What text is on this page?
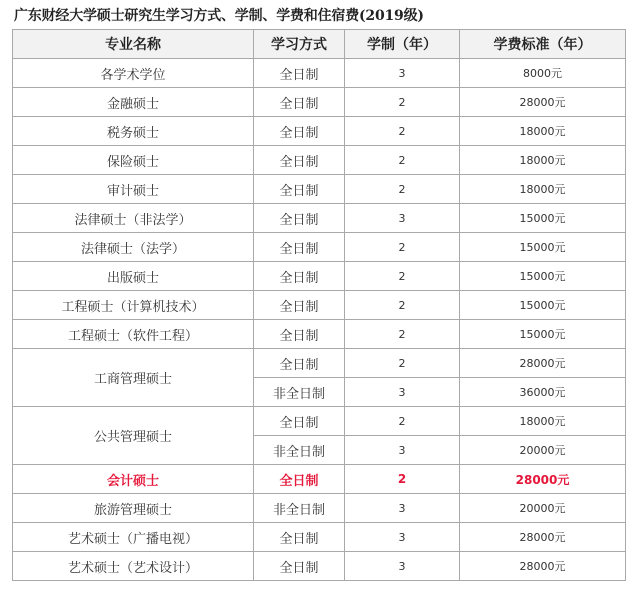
广东财经大学硕士研究生学习方式、学制、学费和住宿费(2019级)
专业名称	学习方式	学制（年）	学费标准（年）
各学术学位	全日制	3	8000元
金融硕士	全日制	2	28000元
税务硕士	全日制	2	18000元
保险硕士	全日制	2	18000元
审计硕士	全日制	2	18000元
法律硕士（非法学）	全日制	3	15000元
法律硕士（法学）	全日制	2	15000元
出版硕士	全日制	2	15000元
工程硕士（计算机技术）	全日制	2	15000元
工程硕士（软件工程）	全日制	2	15000元
工商管理硕士	全日制	2	28000元
	非全日制	3	36000元
公共管理硕士	全日制	2	18000元
	非全日制	3	20000元
会计硕士	全日制	2	28000元
旅游管理硕士	非全日制	3	20000元
艺术硕士（广播电视）	全日制	3	28000元
艺术硕士（艺术设计）	全日制	3	28000元
